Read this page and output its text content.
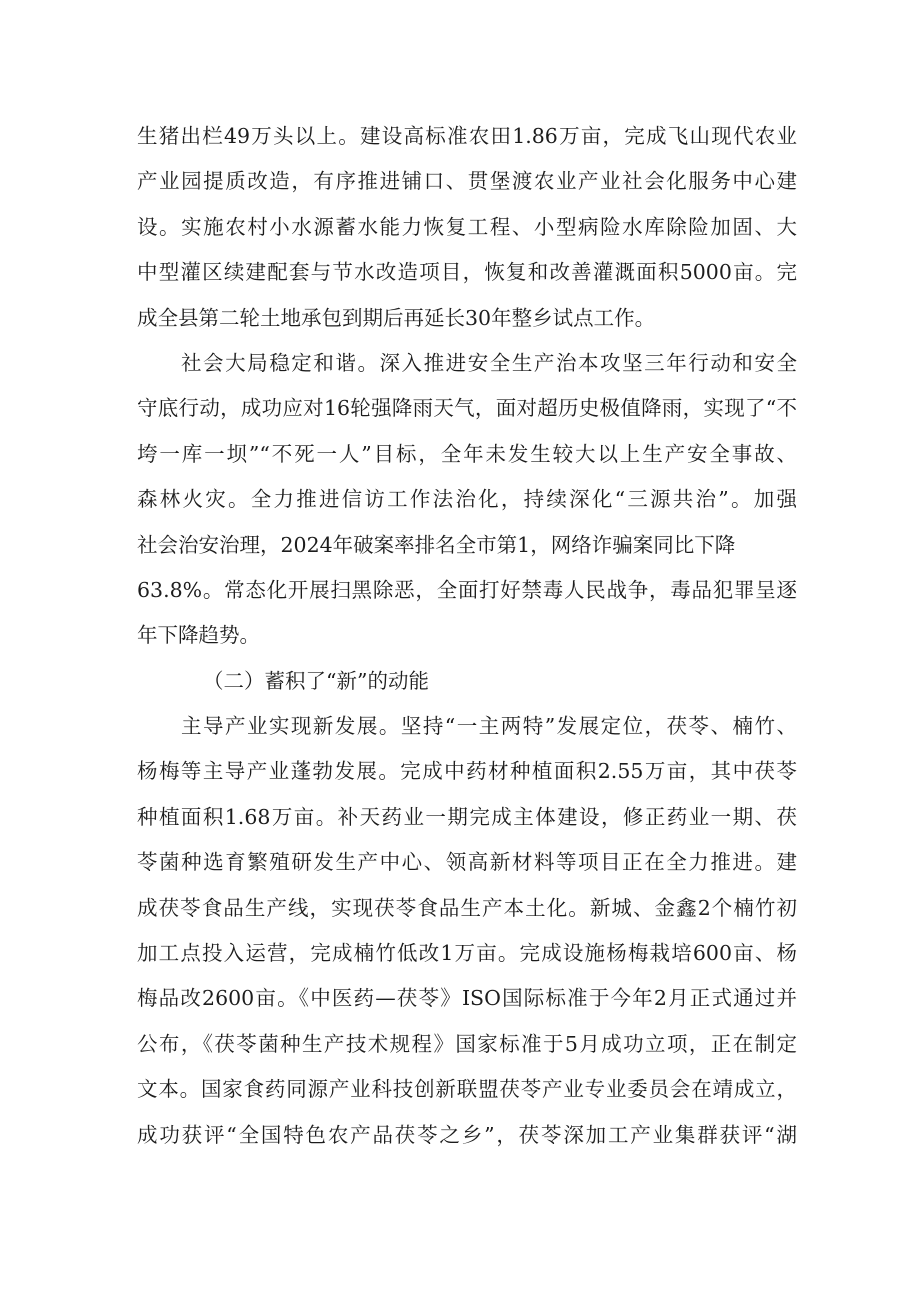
生猪出栏49万头以上。建设高标准农田1.86万亩，完成飞山现代农业
产业园提质改造，有序推进铺口、贯堡渡农业产业社会化服务中心建
设。实施农村小水源蓄水能力恢复工程、小型病险水库除险加固、大
中型灌区续建配套与节水改造项目，恢复和改善灌溉面积5000亩。完
成全县第二轮土地承包到期后再延长30年整乡试点工作。
社会大局稳定和谐。深入推进安全生产治本攻坚三年行动和安全
守底行动，成功应对16轮强降雨天气，面对超历史极值降雨，实现了“不
垮一库一坝”“不死一人”目标，全年未发生较大以上生产安全事故、
森林火灾。全力推进信访工作法治化，持续深化“三源共治”。加强
社会治安治理，2024年破案率排名全市第1，网络诈骗案同比下降
63.8%。常态化开展扫黑除恶，全面打好禁毒人民战争，毒品犯罪呈逐
年下降趋势。
（二）蓄积了“新”的动能
主导产业实现新发展。坚持“一主两特”发展定位，茯苓、楠竹、
杨梅等主导产业蓬勃发展。完成中药材种植面积2.55万亩，其中茯苓
种植面积1.68万亩。补天药业一期完成主体建设，修正药业一期、茯
苓菌种选育繁殖研发生产中心、领高新材料等项目正在全力推进。建
成茯苓食品生产线，实现茯苓食品生产本土化。新城、金鑫2个楠竹初
加工点投入运营，完成楠竹低改1万亩。完成设施杨梅栽培600亩、杨
梅品改2600亩。《中医药—茯苓》ISO国际标准于今年2月正式通过并
公布，《茯苓菌种生产技术规程》国家标准于5月成功立项，正在制定
文本。国家食药同源产业科技创新联盟茯苓产业专业委员会在靖成立，
成功获评“全国特色农产品茯苓之乡”，茯苓深加工产业集群获评“湖
